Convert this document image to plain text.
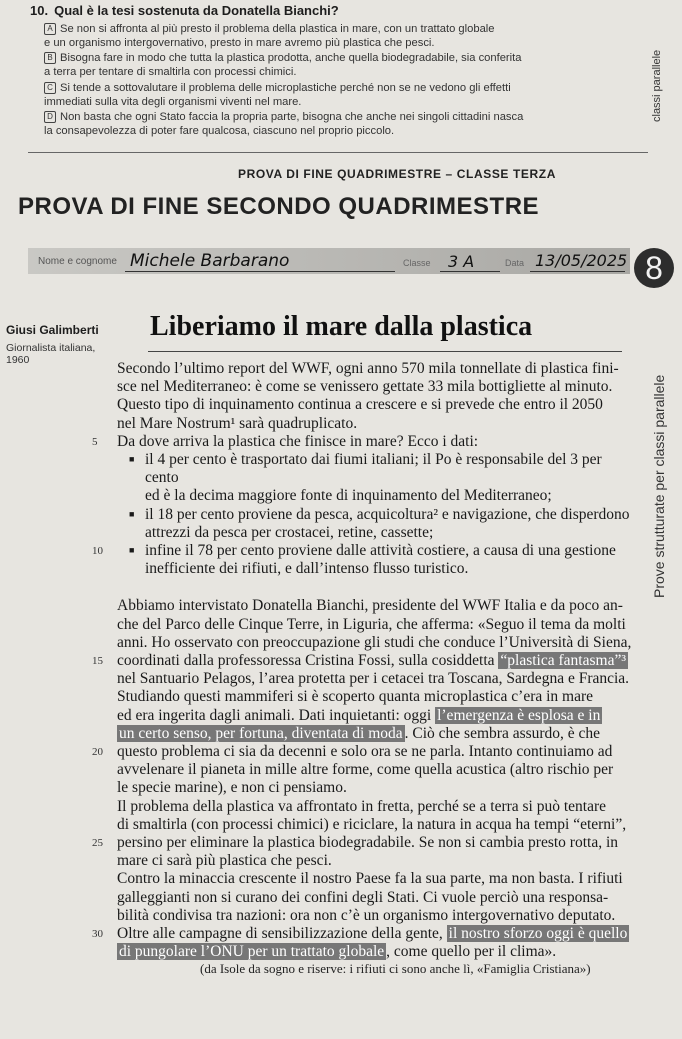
10. Qual è la tesi sostenuta da Donatella Bianchi?
A Se non si affronta al più presto il problema della plastica in mare, con un trattato globale
e un organismo intergovernativo, presto in mare avremo più plastica che pesci.
B Bisogna fare in modo che tutta la plastica prodotta, anche quella biodegradabile, sia conferita
a terra per tentare di smaltirla con processi chimici.
C Si tende a sottovalutare il problema delle microplastiche perché non se ne vedono gli effetti
immediati sulla vita degli organismi viventi nel mare.
D Non basta che ogni Stato faccia la propria parte, bisogna che anche nei singoli cittadini nasca
la consapevolezza di poter fare qualcosa, ciascuno nel proprio piccolo.
classi parallele
PROVA DI FINE QUADRIMESTRE – CLASSE TERZA
PROVA DI FINE SECONDO QUADRIMESTRE
Nome e cognome Michele Barbarano	Classe 3 A	Data 13/05/2025 8
Giusi Galimberti
Giornalista italiana,
1960
Liberiamo il mare dalla plastica
Prove strutturate per classi parallele

Secondo l’ultimo report del WWF, ogni anno 570 mila tonnellate di plastica fini-
sce nel Mediterraneo: è come se venissero gettate 33 mila bottigliette al minuto.
Questo tipo di inquinamento continua a crescere e si prevede che entro il 2050
nel Mare Nostrum¹ sarà quadruplicato.

5 Da dove arriva la plastica che finisce in mare? Ecco i dati:

■ il 4 per cento è trasportato dai fiumi italiani; il Po è responsabile del 3 per cento
ed è la decima maggiore fonte di inquinamento del Mediterraneo;
■ il 18 per cento proviene da pesca, acquicoltura² e navigazione, che disperdono
attrezzi da pesca per crostacei, retine, cassette;
■ 10	infine il 78 per cento proviene dalle attività costiere, a causa di una gestione
inefficiente dei rifiuti, e dall’intenso flusso turistico.

Abbiamo intervistato Donatella Bianchi, presidente del WWF Italia e da poco an-
che del Parco delle Cinque Terre, in Liguria, che afferma: «Seguo il tema da molti
anni. Ho osservato con preoccupazione gli studi che conduce l’Università di Siena,

15 coordinati dalla professoressa Cristina Fossi, sulla cosiddetta “plastica fantasma”³
nel Santuario Pelagos, l’area protetta per i cetacei tra Toscana, Sardegna e Francia.
Studiando questi mammiferi si è scoperto quanta microplastica c’era in mare
ed era ingerita dagli animali. Dati inquietanti: oggi l’emergenza è esplosa e in
un certo senso, per fortuna, diventata di moda . Ciò che sembra assurdo, è che

20 questo problema ci sia da decenni e solo ora se ne parla. Intanto continuiamo ad
avvelenare il pianeta in mille altre forme, come quella acustica (altro rischio per
le specie marine), e non ci pensiamo.

Il problema della plastica va affrontato in fretta, perché se a terra si può tentare
di smaltirla (con processi chimici) e riciclare, la natura in acqua ha tempi “eterni”,

25 persino per eliminare la plastica biodegradabile. Se non si cambia presto rotta, in
mare ci sarà più plastica che pesci.

Contro la minaccia crescente il nostro Paese fa la sua parte, ma non basta. I rifiuti
galleggianti non si curano dei confini degli Stati. Ci vuole perciò una responsa-
bilità condivisa tra nazioni: ora non c’è un organismo intergovernativo deputato.

30 Oltre alle campagne di sensibilizzazione della gente, il nostro sforzo oggi è quello
di pungolare l’ONU per un trattato globale , come quello per il clima».

(da Isole da sogno e riserve: i rifiuti ci sono anche lì, «Famiglia Cristiana»)
